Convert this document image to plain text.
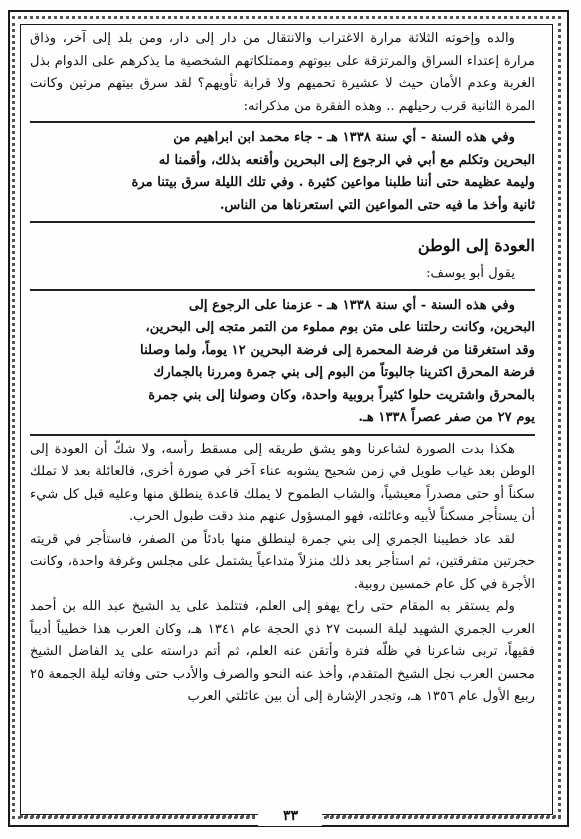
والده وإخوته الثلاثة مرارة الاغتراب والانتقال من دار إلى دار، ومن بلد إلى آخر، وذاق مرارة إعتداء السراق والمرتزقة على بيوتهم وممتلكاتهم الشخصية ما يذكرهم على الدوام بذل الغربة وعدم الأمان حيث لا عشيرة تحميهم ولا قرابة تأويهم؟ لقد سرق بيتهم مرتين وكانت المرة الثانية قرب رحيلهم .. وهذه الفقرة من مذكراته:

وفي هذه السنة - أي سنة ١٣٣٨ هـ - جاء محمد ابن ابراهيم من

البحرين وتكلم مع أبي في الرجوع إلى البحرين وأقنعه بذلك، وأقمنا له

وليمة عظيمة حتى أننا طلبنا مواعين كثيرة . وفي تلك الليلة سرق بيتنا مرة

ثانية وأخذ ما فيه حتى المواعين التي استعرناها من الناس.

العودة إلى الوطن

يقول أبو يوسف:

وفي هذه السنة - أي سنة ١٣٣٨ هـ - عزمنا على الرجوع إلى

البحرين، وكانت رحلتنا على متن بوم مملوء من التمر متجه إلى البحرين،

وقد استغرقنا من فرضة المحمرة إلى فرضة البحرين ١٢ يوماً، ولما وصلنا

فرضة المحرق اكترينا جالبوتاً من البوم إلى بني جمرة ومررنا بالجمارك

بالمحرق واشتريت حلوا كثيراً بروبية واحدة، وكان وصولنا إلى بني جمرة

يوم ٢٧ من صفر عصراً ١٣٣٨ هـ.

هكذا بدت الصورة لشاعرنا وهو يشق طريقه إلى مسقط رأسه، ولا شكّ أن العودة إلى الوطن بعد غياب طويل في زمن شحيح يشوبه عناء آخر في صورة أخرى، فالعائلة بعد لا تملك سكناً أو حتى مصدراً معيشياً، والشاب الطموح لا يملك قاعدة ينطلق منها وعليه قبل كل شيء أن يستأجر مسكناً لأبيه وعائلته، فهو المسؤول عنهم منذ دقت طبول الحرب.

لقد عاد خطيبنا الجمري إلى بني جمرة لينطلق منها بادئاً من الصفر، فاستأجر في قريته حجرتين متفرقتين، ثم استأجر بعد ذلك منزلاً متداعياً يشتمل على مجلس وغرفة واحدة، وكانت الأجرة في كل عام خمسين روبية.

ولم يستقر به المقام حتى راح يهفو إلى العلم، فتتلمذ على يد الشيخ عبد الله بن أحمد العرب الجمري الشهيد ليلة السبت ٢٧ ذي الحجة عام ١٣٤١ هـ، وكان العرب هذا خطيباً أديباً فقيهاً، تربى شاعرنا في ظلّه فترة وأتقن عنه العلم، ثم أتم دراسته على يد الفاضل الشيخ محسن العرب نجل الشيخ المتقدم، وأخذ عنه النحو والصرف والأدب حتى وفاته ليلة الجمعة ٢٥ ربيع الأول عام ١٣٥٦ هـ، وتجدر الإشارة إلى أن بين عائلتي العرب

٣٣
